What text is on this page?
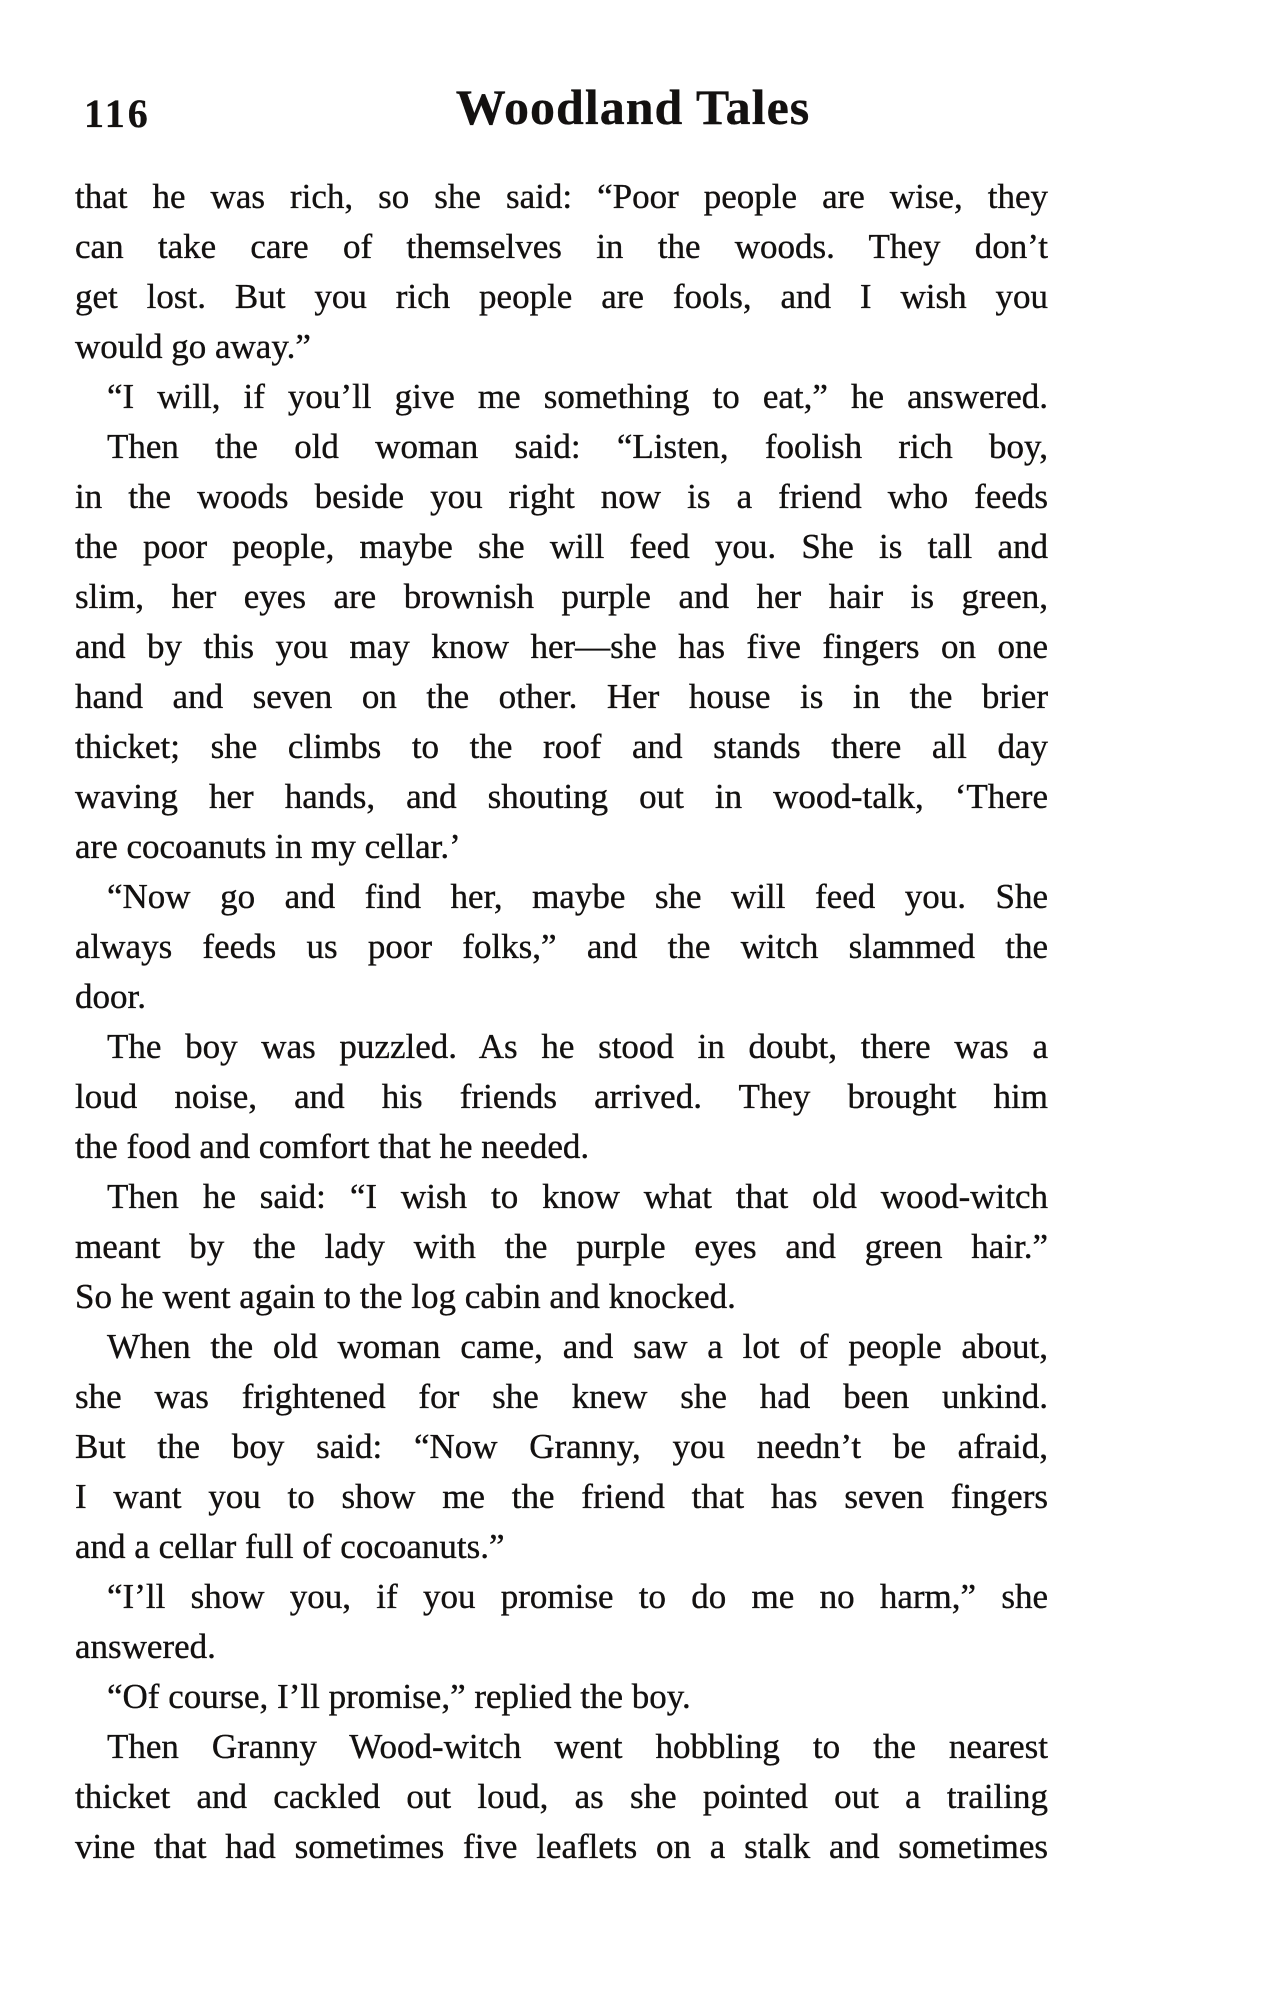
116	Woodland Tales
that he was rich, so she said: “Poor people are wise, they
can take care of themselves in the woods. They don’t
get lost. But you rich people are fools, and I wish you
would go away.”
“I will, if you’ll give me something to eat,” he answered.
Then the old woman said: “Listen, foolish rich boy,
in the woods beside you right now is a friend who feeds
the poor people, maybe she will feed you. She is tall and
slim, her eyes are brownish purple and her hair is green,
and by this you may know her—she has five fingers on one
hand and seven on the other. Her house is in the brier
thicket; she climbs to the roof and stands there all day
waving her hands, and shouting out in wood-talk, ‘There
are cocoanuts in my cellar.’
“Now go and find her, maybe she will feed you. She
always feeds us poor folks,” and the witch slammed the
door.
The boy was puzzled. As he stood in doubt, there was a
loud noise, and his friends arrived. They brought him
the food and comfort that he needed.
Then he said: “I wish to know what that old wood-witch
meant by the lady with the purple eyes and green hair.”
So he went again to the log cabin and knocked.
When the old woman came, and saw a lot of people about,
she was frightened for she knew she had been unkind.
But the boy said: “Now Granny, you needn’t be afraid,
I want you to show me the friend that has seven fingers
and a cellar full of cocoanuts.”
“I’ll show you, if you promise to do me no harm,” she
answered.
“Of course, I’ll promise,” replied the boy.
Then Granny Wood-witch went hobbling to the nearest
thicket and cackled out loud, as she pointed out a trailing
vine that had sometimes five leaflets on a stalk and sometimes
